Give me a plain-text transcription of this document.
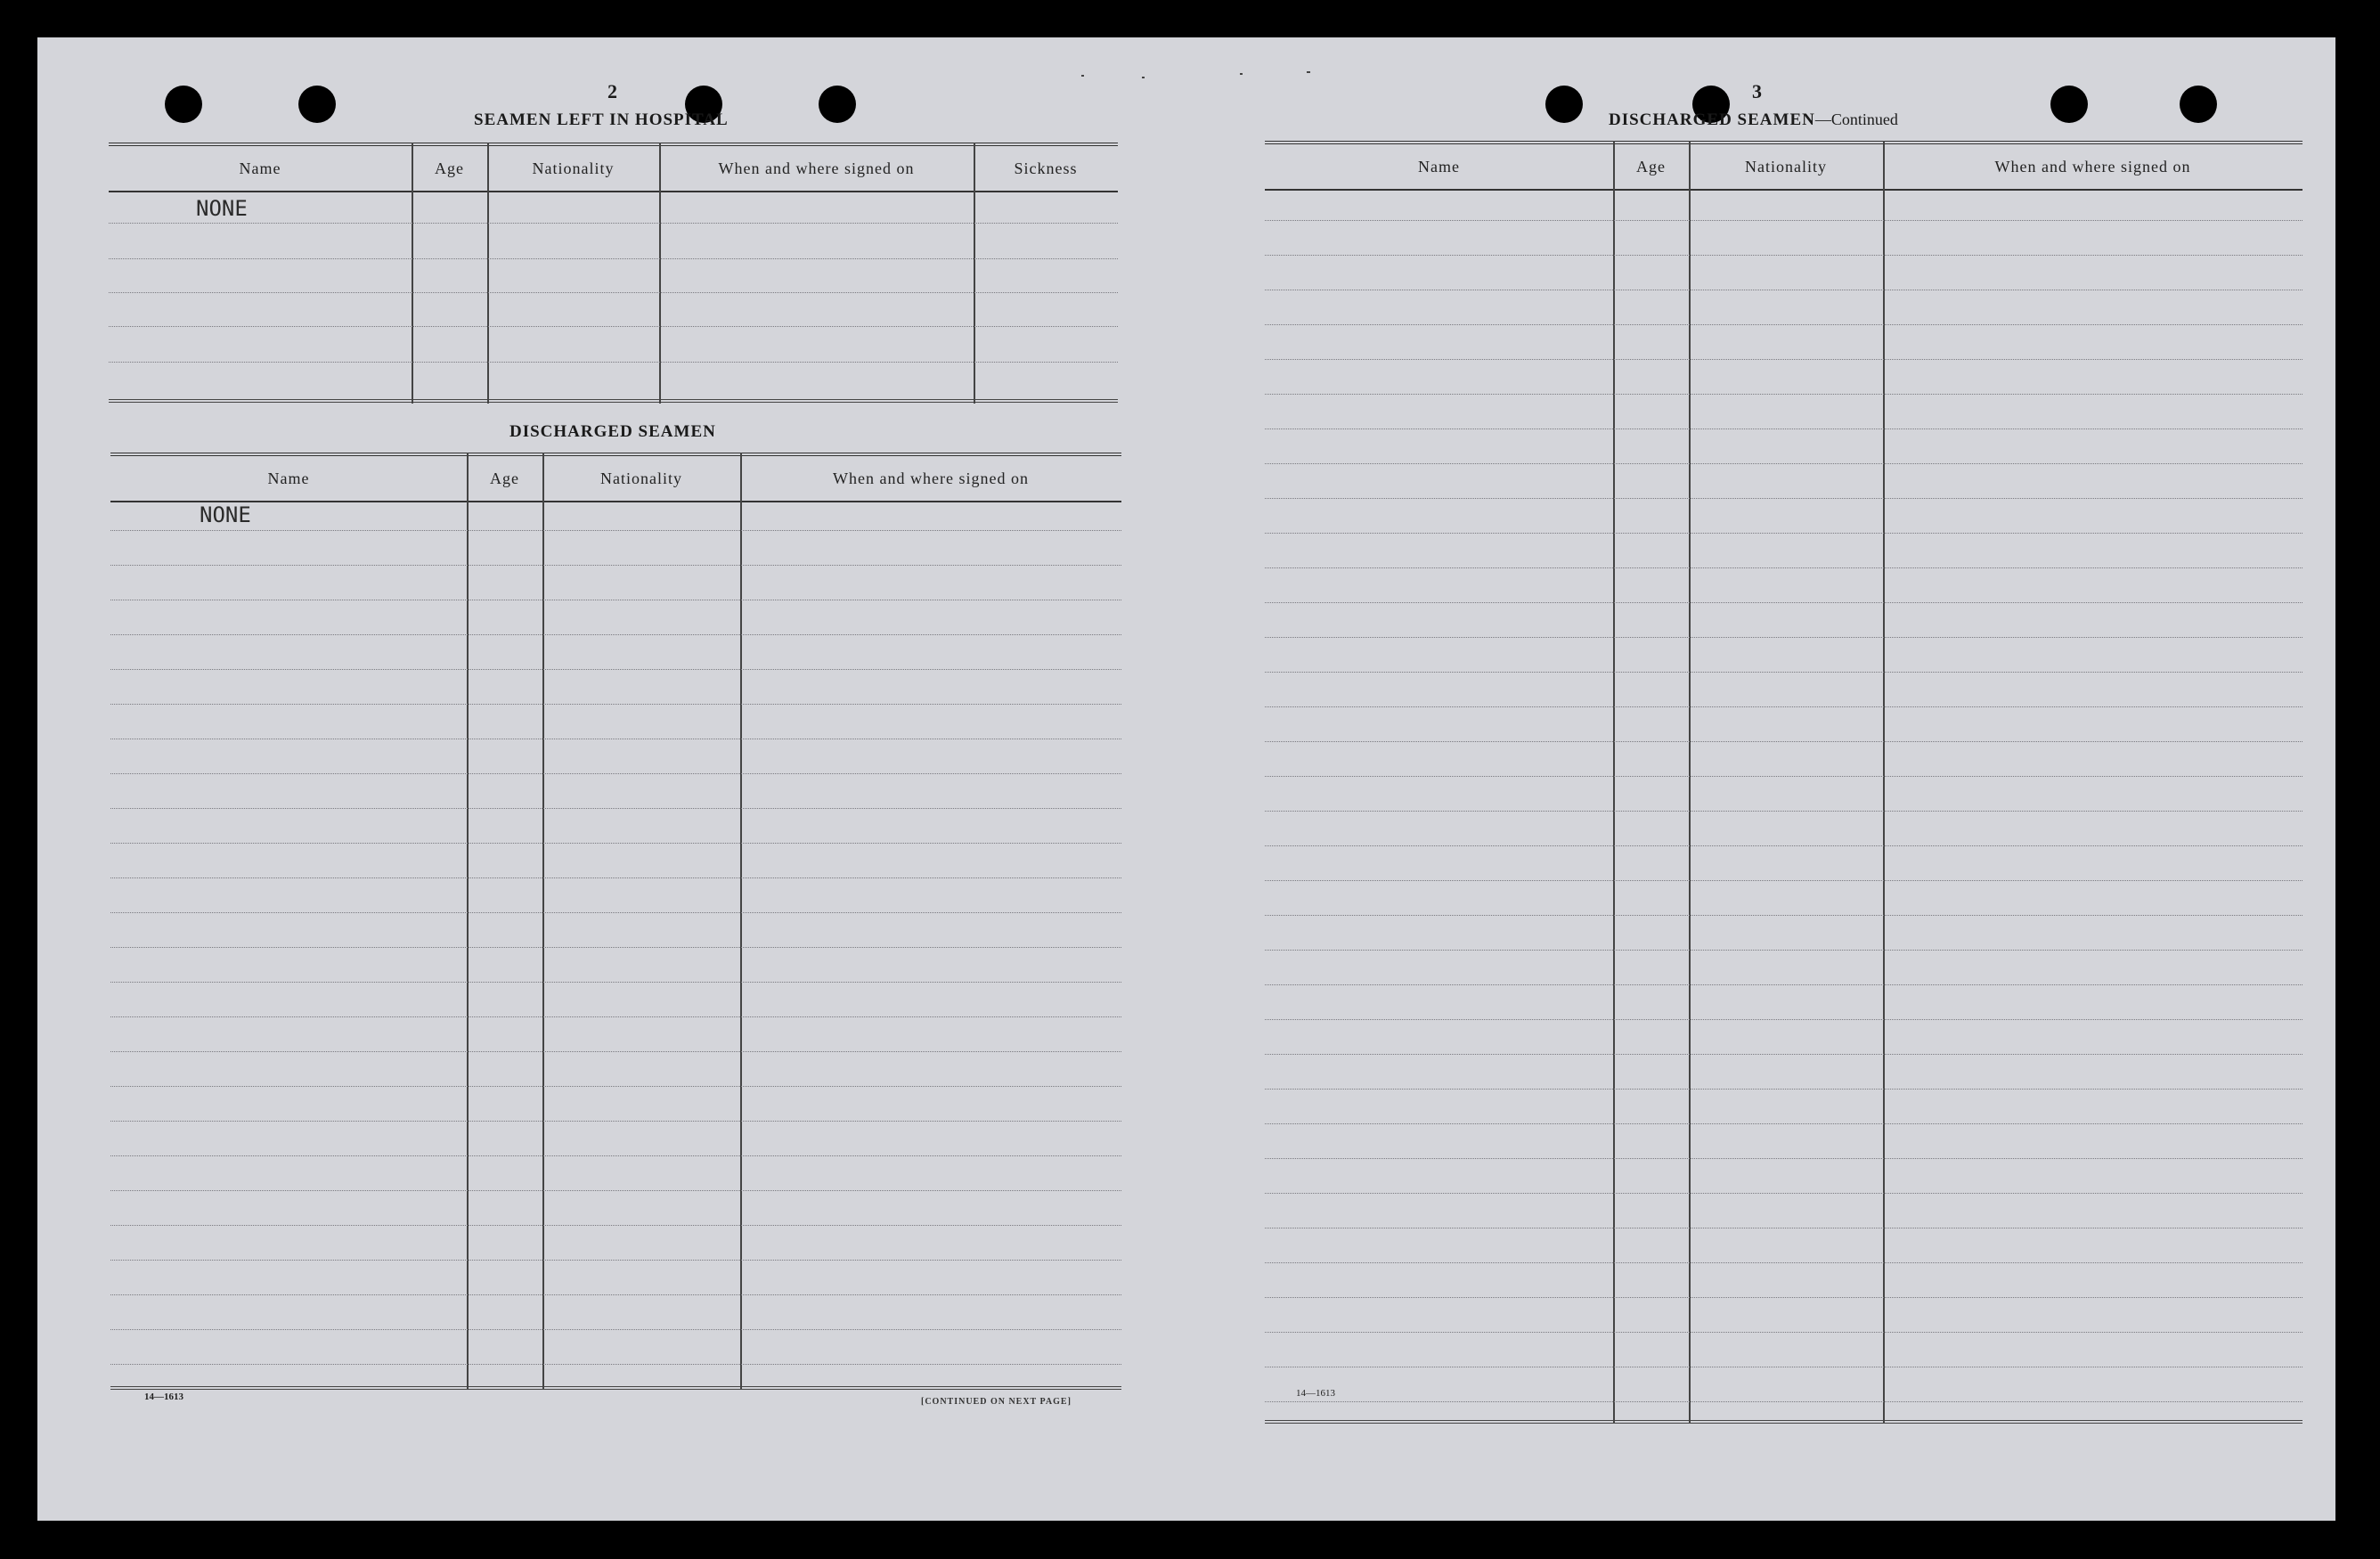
2
SEAMEN LEFT IN HOSPITAL
Name	Age	Nationality	When and where signed on	Sickness
NONE
DISCHARGED SEAMEN
Name	Age	Nationality	When and where signed on
NONE
14—1613	[CONTINUED ON NEXT PAGE]
3
DISCHARGED SEAMEN—Continued
Name	Age	Nationality	When and where signed on
14—1613
